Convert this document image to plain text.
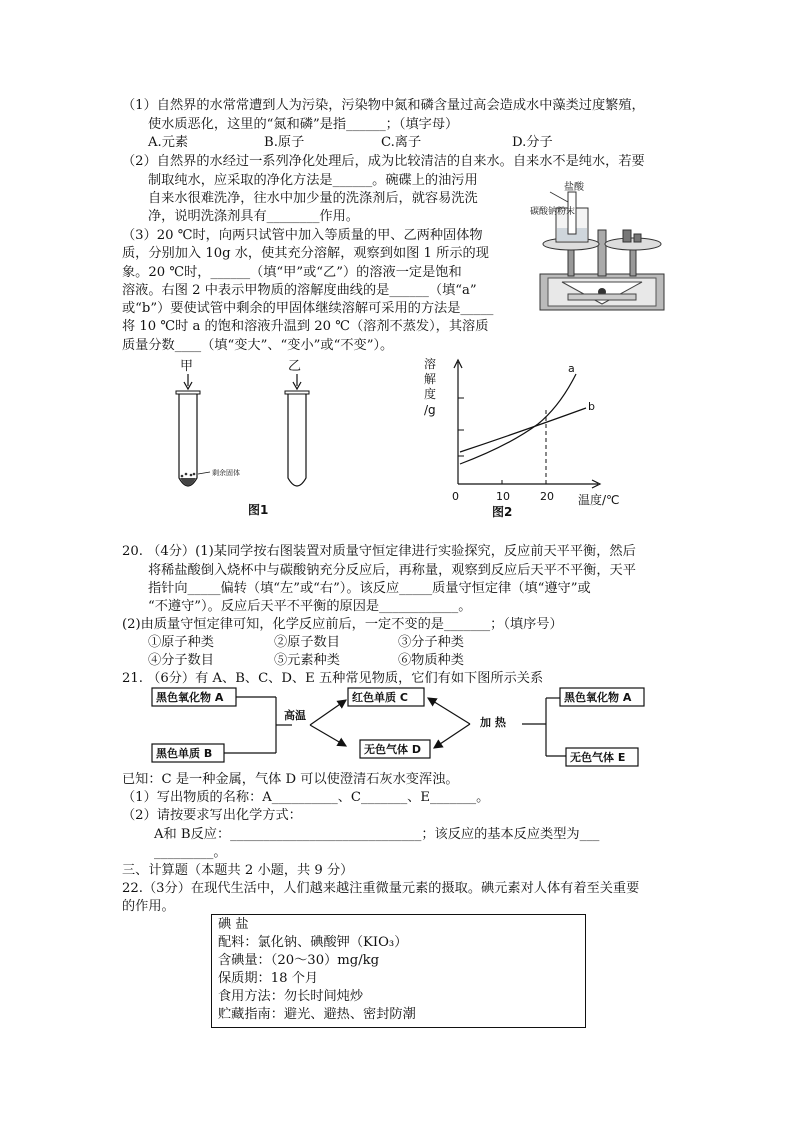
（1）自然界的水常常遭到人为污染，污染物中氮和磷含量过高会造成水中藻类过度繁殖，
使水质恶化，这里的“氮和磷”是指______；（填字母）
A.元素	B.原子	C.离子	D.分子
（2）自然界的水经过一系列净化处理后，成为比较清洁的自来水。自来水不是纯水，若要
制取纯水，应采取的净化方法是______。碗碟上的油污用
自来水很难洗净，往水中加少量的洗涤剂后，就容易洗洗
净，说明洗涤剂具有________作用。
（3）20 ℃时，向两只试管中加入等质量的甲、乙两种固体物
质，分别加入 10g 水，使其充分溶解，观察到如图 1 所示的现
象。20 ℃时，______（填“甲”或“乙”）的溶液一定是饱和
溶液。右图 2 中表示甲物质的溶解度曲线的是______（填“a”
或“b”）要使试管中剩余的甲固体继续溶解可采用的方法是_____
将 10 ℃时 a 的饱和溶液升温到 20 ℃（溶剂不蒸发），其溶质
质量分数____（填“变大”、“变小”或“不变”）。
盐酸
碳酸钠粉末
甲
剩余固体
乙
图1
溶
解
度
/g
a
b
0	10	20 温度/℃
图2
20. （4分）(1)某同学按右图装置对质量守恒定律进行实验探究，反应前天平平衡，然后
将稀盐酸倒入烧杯中与碳酸钠充分反应后，再称量，观察到反应后天平不平衡，天平
指针向_____偏转（填“左”或“右”）。该反应_____质量守恒定律（填“遵守”或
“不遵守”）。反应后天平不平衡的原因是____________。
(2)由质量守恒定律可知，化学反应前后，一定不变的是_______；（填序号）
①原子种类	②原子数目	③分子种类
④分子数目	⑤元素种类	⑥物质种类
21. （6分）有 A、B、C、D、E 五种常见物质，它们有如下图所示关系
黑色氧化物 A
黑色单质 B
高温
红色单质 C
无色气体 D
加 热
黑色氧化物 A
无色气体 E
已知：C 是一种金属，气体 D 可以使澄清石灰水变浑浊。
（1）写出物质的名称：A__________、C_______、E_______。
（2）请按要求写出化学方式：
A和 B反应：_____________________________；该反应的基本反应类型为___
_________。
三、计算题（本题共 2 小题，共 9 分）
22.（3分）在现代生活中，人们越来越注重微量元素的摄取。碘元素对人体有着至关重要
的作用。
碘 盐
配料：氯化钠、碘酸钾（KIO₃）
含碘量：（20～30）mg/kg
保质期：18 个月
食用方法：勿长时间炖炒
贮藏指南：避光、避热、密封防潮
